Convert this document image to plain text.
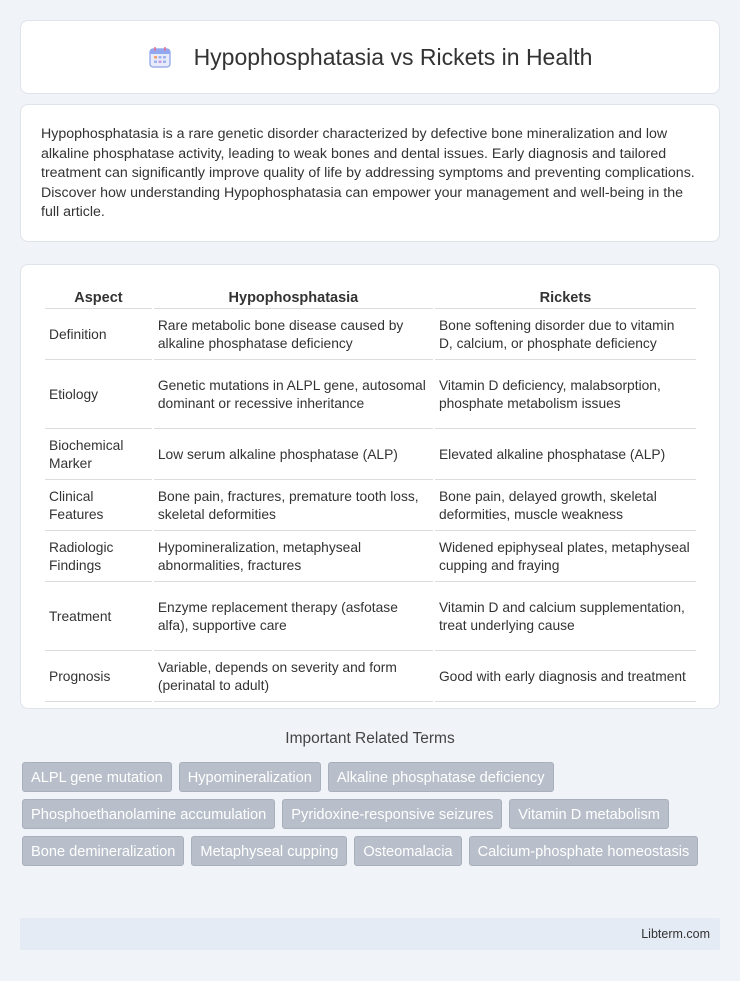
Hypophosphatasia vs Rickets in Health

Hypophosphatasia is a rare genetic disorder characterized by defective bone mineralization and low alkaline phosphatase activity, leading to weak bones and dental issues. Early diagnosis and tailored treatment can significantly improve quality of life by addressing symptoms and preventing complications. Discover how understanding Hypophosphatasia can empower your management and well-being in the full article.

Aspect	Hypophosphatasia	Rickets
Definition	Rare metabolic bone disease caused by alkaline phosphatase deficiency	Bone softening disorder due to vitamin D, calcium, or phosphate deficiency
Etiology	Genetic mutations in ALPL gene, autosomal dominant or recessive inheritance	Vitamin D deficiency, malabsorption, phosphate metabolism issues
Biochemical Marker	Low serum alkaline phosphatase (ALP)	Elevated alkaline phosphatase (ALP)
Clinical Features	Bone pain, fractures, premature tooth loss, skeletal deformities	Bone pain, delayed growth, skeletal deformities, muscle weakness
Radiologic Findings	Hypomineralization, metaphyseal abnormalities, fractures	Widened epiphyseal plates, metaphyseal cupping and fraying
Treatment	Enzyme replacement therapy (asfotase alfa), supportive care	Vitamin D and calcium supplementation, treat underlying cause
Prognosis	Variable, depends on severity and form (perinatal to adult)	Good with early diagnosis and treatment
Important Related Terms
ALPL gene mutation	Hypomineralization	Alkaline phosphatase deficiency
Phosphoethanolamine accumulation	Pyridoxine-responsive seizures	Vitamin D metabolism
Bone demineralization	Metaphyseal cupping	Osteomalacia	Calcium-phosphate homeostasis
Libterm.com
